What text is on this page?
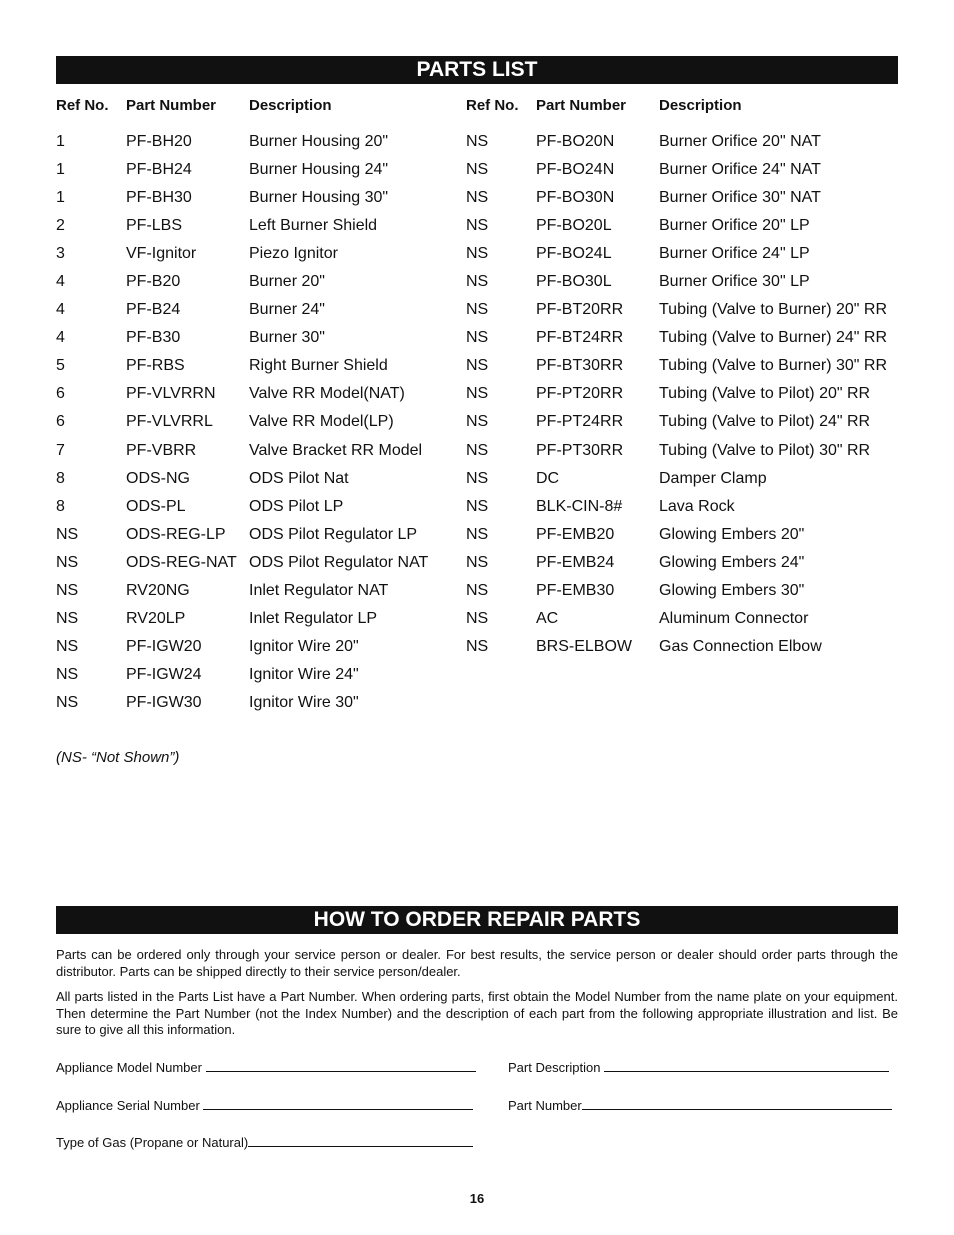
PARTS LIST
Ref No. Part Number Description	Ref No. Part Number Description
1
1
1
2
3
4
4
4
5
6
6
7
8
8
NS
NS
NS
NS
NS
NS
NS
PF-BH20
PF-BH24
PF-BH30
PF-LBS
VF-Ignitor
PF-B20
PF-B24
PF-B30
PF-RBS
PF-VLVRRN
PF-VLVRRL
PF-VBRR
ODS-NG
ODS-PL
ODS-REG-LP
ODS-REG-NAT
RV20NG
RV20LP
PF-IGW20
PF-IGW24
PF-IGW30
Burner Housing 20"
Burner Housing 24"
Burner Housing 30"
Left Burner Shield
Piezo Ignitor
Burner 20"
Burner 24"
Burner 30"
Right Burner Shield
Valve RR Model(NAT)
Valve RR Model(LP)
Valve Bracket RR Model
ODS Pilot Nat
ODS Pilot LP
ODS Pilot Regulator LP
ODS Pilot Regulator NAT
Inlet Regulator NAT
Inlet Regulator LP
Ignitor Wire 20"
Ignitor Wire 24"
Ignitor Wire 30"
NS
NS
NS
NS
NS
NS
NS
NS
NS
NS
NS
NS
NS
NS
NS
NS
NS
NS
NS
PF-BO20N
PF-BO24N
PF-BO30N
PF-BO20L
PF-BO24L
PF-BO30L
PF-BT20RR
PF-BT24RR
PF-BT30RR
PF-PT20RR
PF-PT24RR
PF-PT30RR
DC
BLK-CIN-8#
PF-EMB20
PF-EMB24
PF-EMB30
AC
BRS-ELBOW
Burner Orifice 20" NAT
Burner Orifice 24" NAT
Burner Orifice 30" NAT
Burner Orifice 20" LP
Burner Orifice 24" LP
Burner Orifice 30" LP
Tubing (Valve to Burner) 20" RR
Tubing (Valve to Burner) 24" RR
Tubing (Valve to Burner) 30" RR
Tubing (Valve to Pilot) 20" RR
Tubing (Valve to Pilot) 24" RR
Tubing (Valve to Pilot) 30" RR
Damper Clamp
Lava Rock
Glowing Embers 20"
Glowing Embers 24"
Glowing Embers 30"
Aluminum Connector
Gas Connection Elbow
(NS- “Not Shown”)
HOW TO ORDER REPAIR PARTS
Parts can be ordered only through your service person or dealer. For best results, the service person or dealer should order parts through the distributor. Parts can be shipped directly to their service person/dealer.
All parts listed in the Parts List have a Part Number. When ordering parts, first obtain the Model Number from the name plate on your equipment. Then determine the Part Number (not the Index Number) and the description of each part from the following appropriate illustration and list. Be sure to give all this information.
Appliance Model Number
Appliance Serial Number
Type of Gas (Propane or Natural)
Part Description
Part Number
16
